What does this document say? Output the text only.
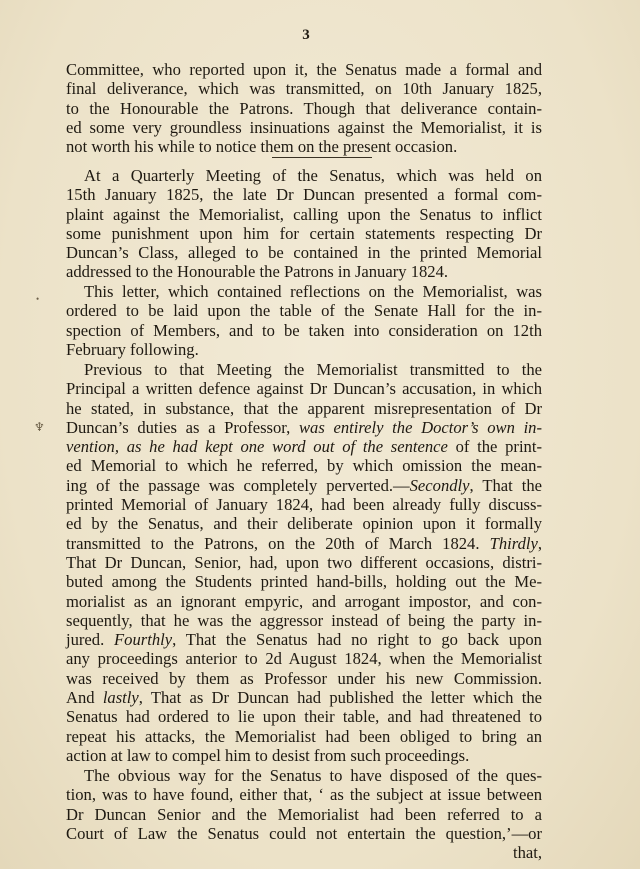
3
Committee, who reported upon it, the Senatus made a formal and
final deliverance, which was transmitted, on 10th January 1825,
to the Honourable the Patrons. Though that deliverance contain-
ed some very groundless insinuations against the Memorialist, it is
not worth his while to notice them on the present occasion.
At a Quarterly Meeting of the Senatus, which was held on
15th January 1825, the late Dr Duncan presented a formal com-
plaint against the Memorialist, calling upon the Senatus to inflict
some punishment upon him for certain statements respecting Dr
Duncan’s Class, alleged to be contained in the printed Memorial
addressed to the Honourable the Patrons in January 1824.
This letter, which contained reflections on the Memorialist, was
ordered to be laid upon the table of the Senate Hall for the in-
spection of Members, and to be taken into consideration on 12th
February following.
Previous to that Meeting the Memorialist transmitted to the
Principal a written defence against Dr Duncan’s accusation, in which
he stated, in substance, that the apparent misrepresentation of Dr
Duncan’s duties as a Professor, was entirely the Doctor’s own in-
vention, as he had kept one word out of the sentence of the print-
ed Memorial to which he referred, by which omission the mean-
ing of the passage was completely perverted.—Secondly, That the
printed Memorial of January 1824, had been already fully discuss-
ed by the Senatus, and their deliberate opinion upon it formally
transmitted to the Patrons, on the 20th of March 1824. Thirdly,
That Dr Duncan, Senior, had, upon two different occasions, distri-
buted among the Students printed hand-bills, holding out the Me-
morialist as an ignorant empyric, and arrogant impostor, and con-
sequently, that he was the aggressor instead of being the party in-
jured. Fourthly, That the Senatus had no right to go back upon
any proceedings anterior to 2d August 1824, when the Memorialist
was received by them as Professor under his new Commission.
And lastly, That as Dr Duncan had published the letter which the
Senatus had ordered to lie upon their table, and had threatened to
repeat his attacks, the Memorialist had been obliged to bring an
action at law to compel him to desist from such proceedings.
The obvious way for the Senatus to have disposed of the ques-
tion, was to have found, either that, ‘ as the subject at issue between
Dr Duncan Senior and the Memorialist had been referred to a
Court of Law the Senatus could not entertain the question,’—or
that,
•
♆
